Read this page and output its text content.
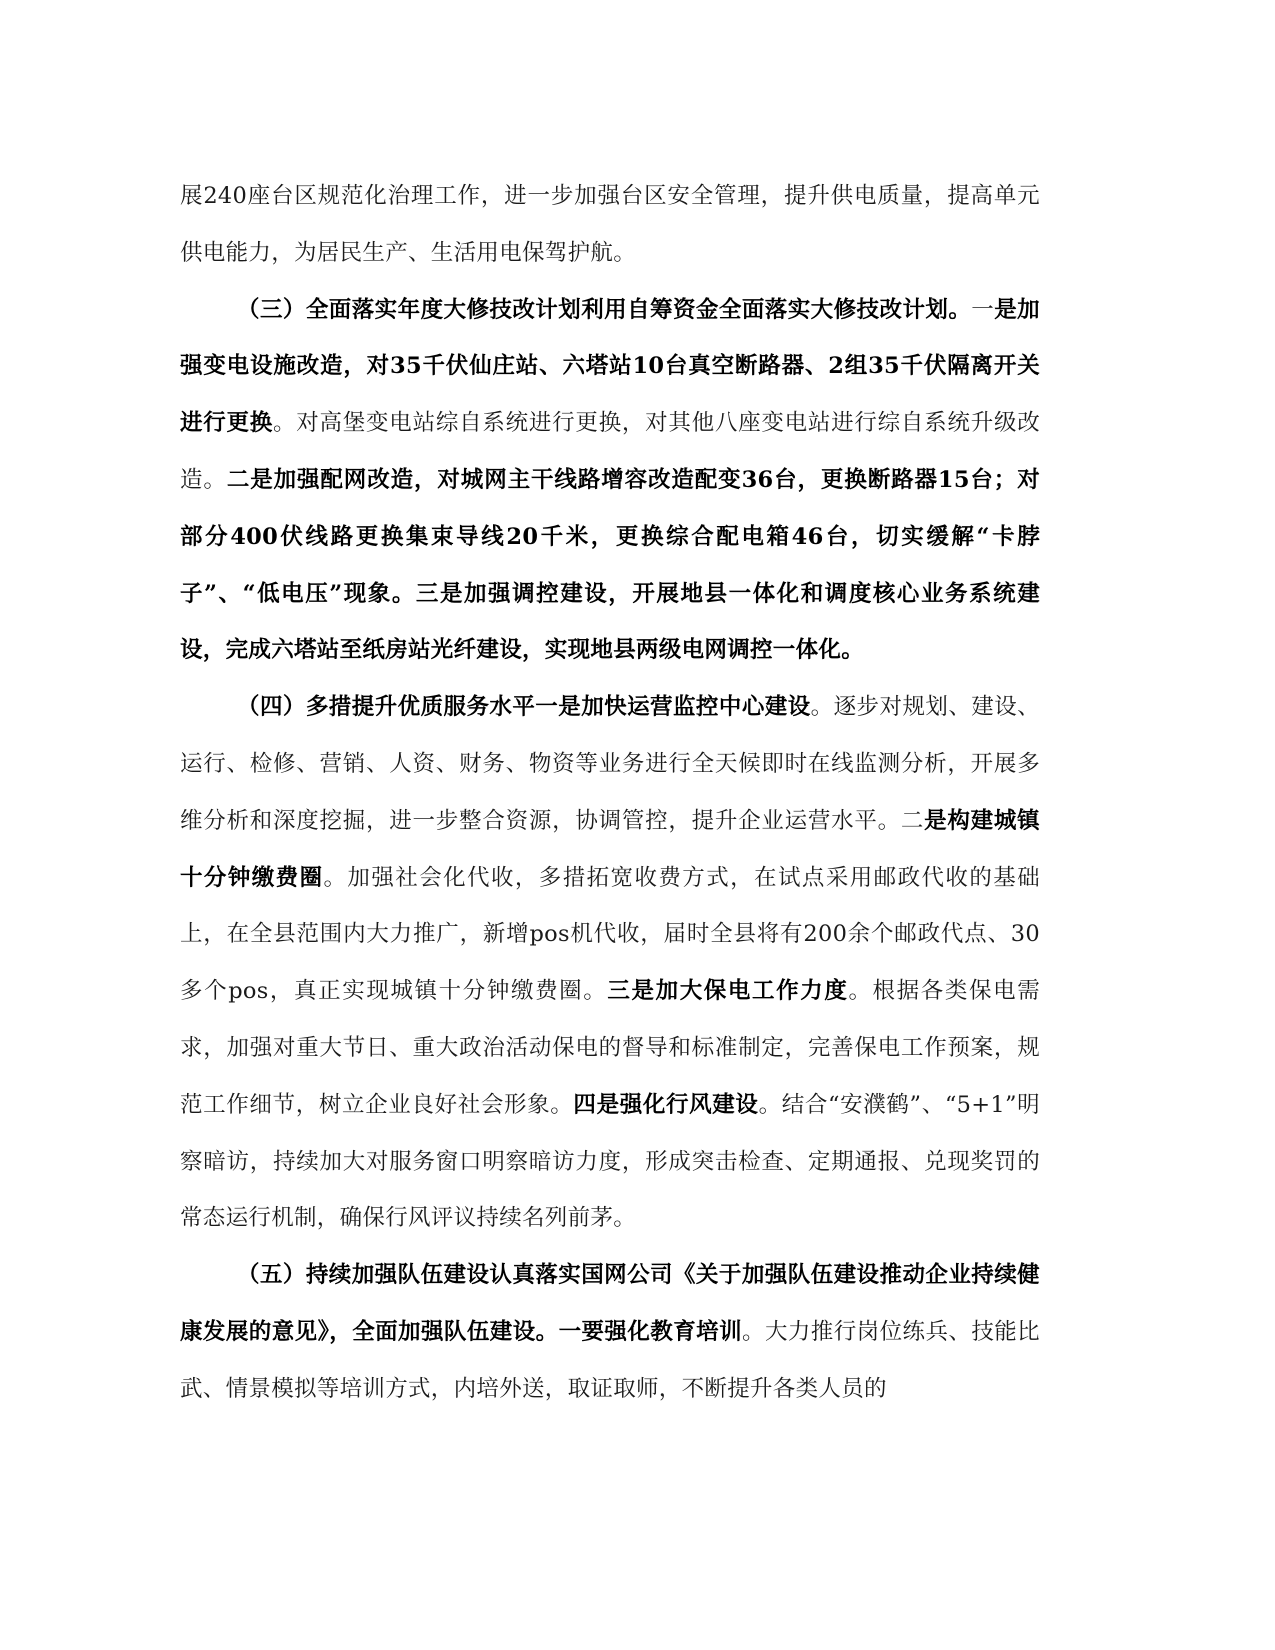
展240座台区规范化治理工作，进一步加强台区安全管理，提升供电质量，提高单元供电能力，为居民生产、生活用电保驾护航。

（三）全面落实年度大修技改计划利用自筹资金全面落实大修技改计划。一是加强变电设施改造，对35千伏仙庄站、六塔站10台真空断路器、2组35千伏隔离开关进行更换。对高堡变电站综自系统进行更换，对其他八座变电站进行综自系统升级改造。二是加强配网改造，对城网主干线路增容改造配变36台，更换断路器15台；对部分400伏线路更换集束导线20千米，更换综合配电箱46台，切实缓解“卡脖子”、“低电压”现象。三是加强调控建设，开展地县一体化和调度核心业务系统建设，完成六塔站至纸房站光纤建设，实现地县两级电网调控一体化。

（四）多措提升优质服务水平一是加快运营监控中心建设。逐步对规划、建设、运行、检修、营销、人资、财务、物资等业务进行全天候即时在线监测分析，开展多维分析和深度挖掘，进一步整合资源，协调管控，提升企业运营水平。二是构建城镇十分钟缴费圈。加强社会化代收，多措拓宽收费方式，在试点采用邮政代收的基础上，在全县范围内大力推广，新增pos机代收，届时全县将有200余个邮政代点、30多个pos，真正实现城镇十分钟缴费圈。三是加大保电工作力度。根据各类保电需求，加强对重大节日、重大政治活动保电的督导和标准制定，完善保电工作预案，规范工作细节，树立企业良好社会形象。四是强化行风建设。结合“安濮鹤”、“5+1”明察暗访，持续加大对服务窗口明察暗访力度，形成突击检查、定期通报、兑现奖罚的常态运行机制，确保行风评议持续名列前茅。

（五）持续加强队伍建设认真落实国网公司《关于加强队伍建设推动企业持续健康发展的意见》，全面加强队伍建设。一要强化教育培训。大力推行岗位练兵、技能比武、情景模拟等培训方式，内培外送，取证取师，不断提升各类人员的
